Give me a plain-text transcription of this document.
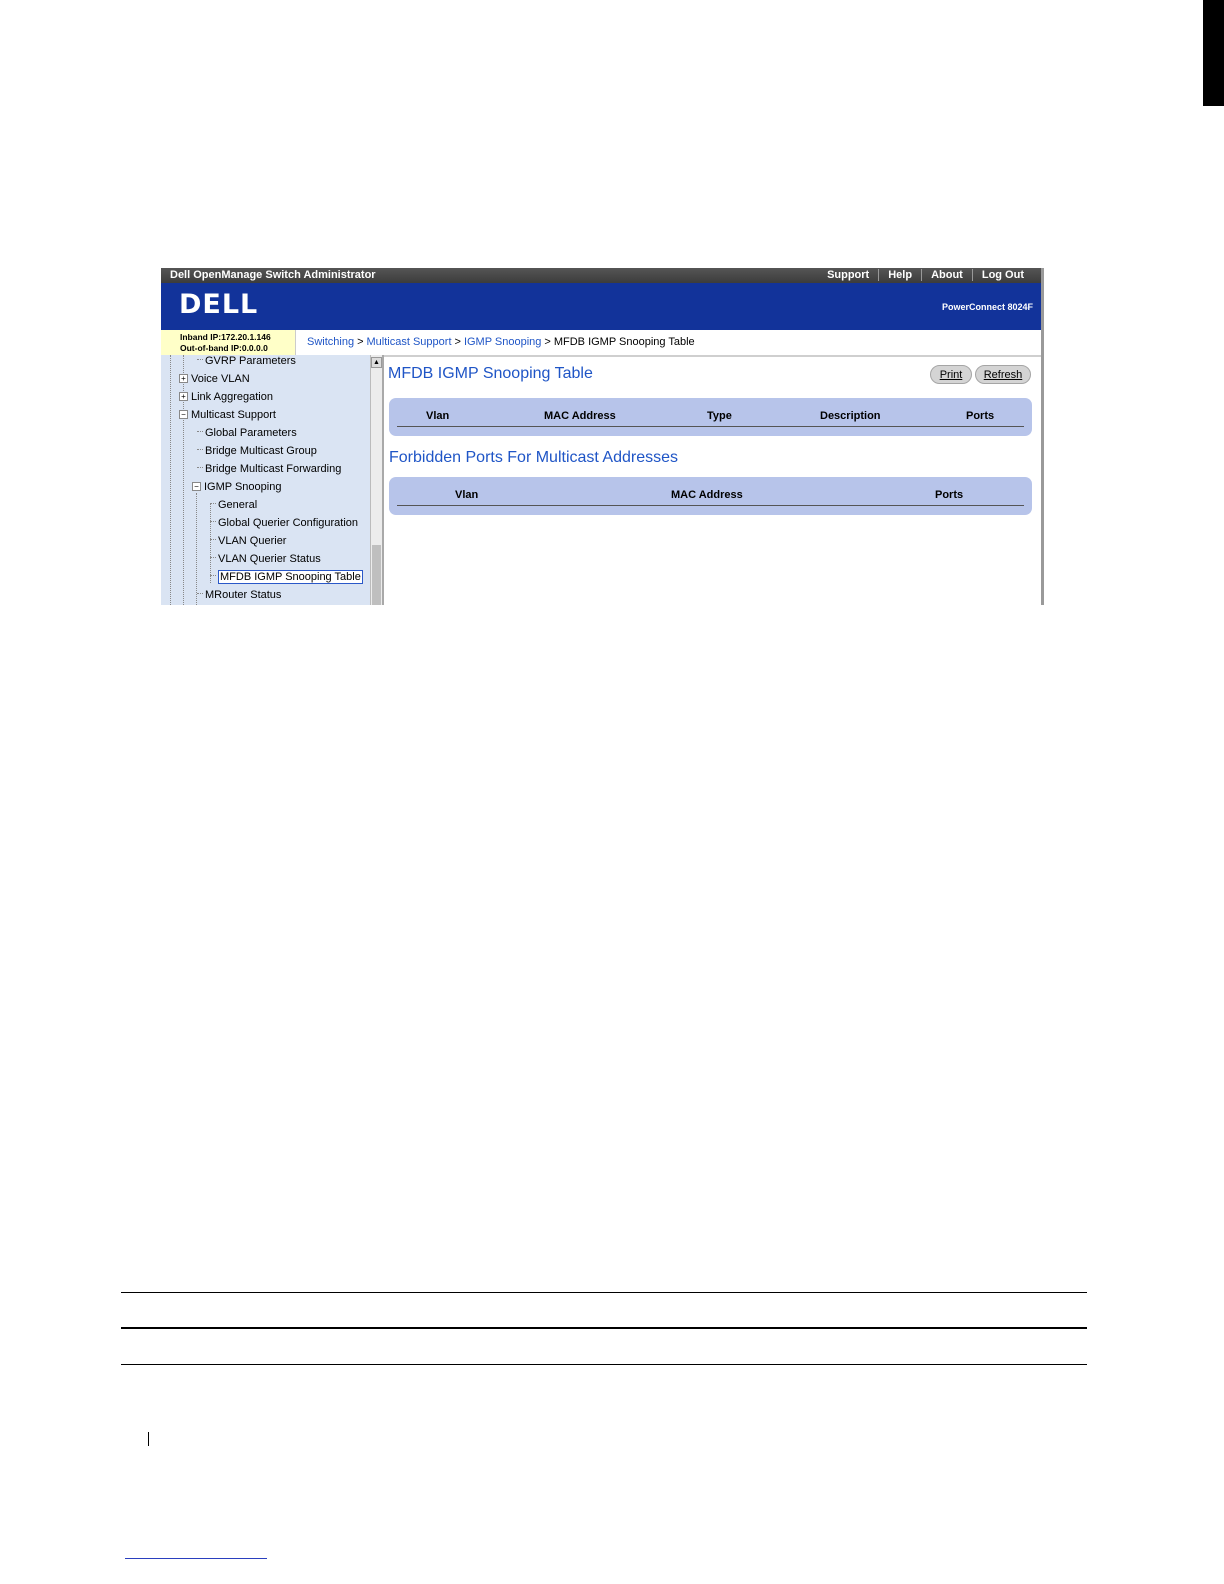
Dell OpenManage Switch Administrator	Support	Help	About	Log Out
DELL	PowerConnect 8024F
Inband IP:172.20.1.146
Out-of-band IP:0.0.0.0	Switching > Multicast Support > IGMP Snooping > MFDB IGMP Snooping Table
GVRP Parameters
+ Voice VLAN
+ Link Aggregation
− Multicast Support
Global Parameters
Bridge Multicast Group
Bridge Multicast Forwarding
− IGMP Snooping
General
Global Querier Configuration
VLAN Querier
VLAN Querier Status
MFDB IGMP Snooping Table
MRouter Status
▲
MFDB IGMP Snooping Table	Print	Refresh
Vlan	MAC Address	Type	Description	Ports
Forbidden Ports For Multicast Addresses
Vlan	MAC Address	Ports
